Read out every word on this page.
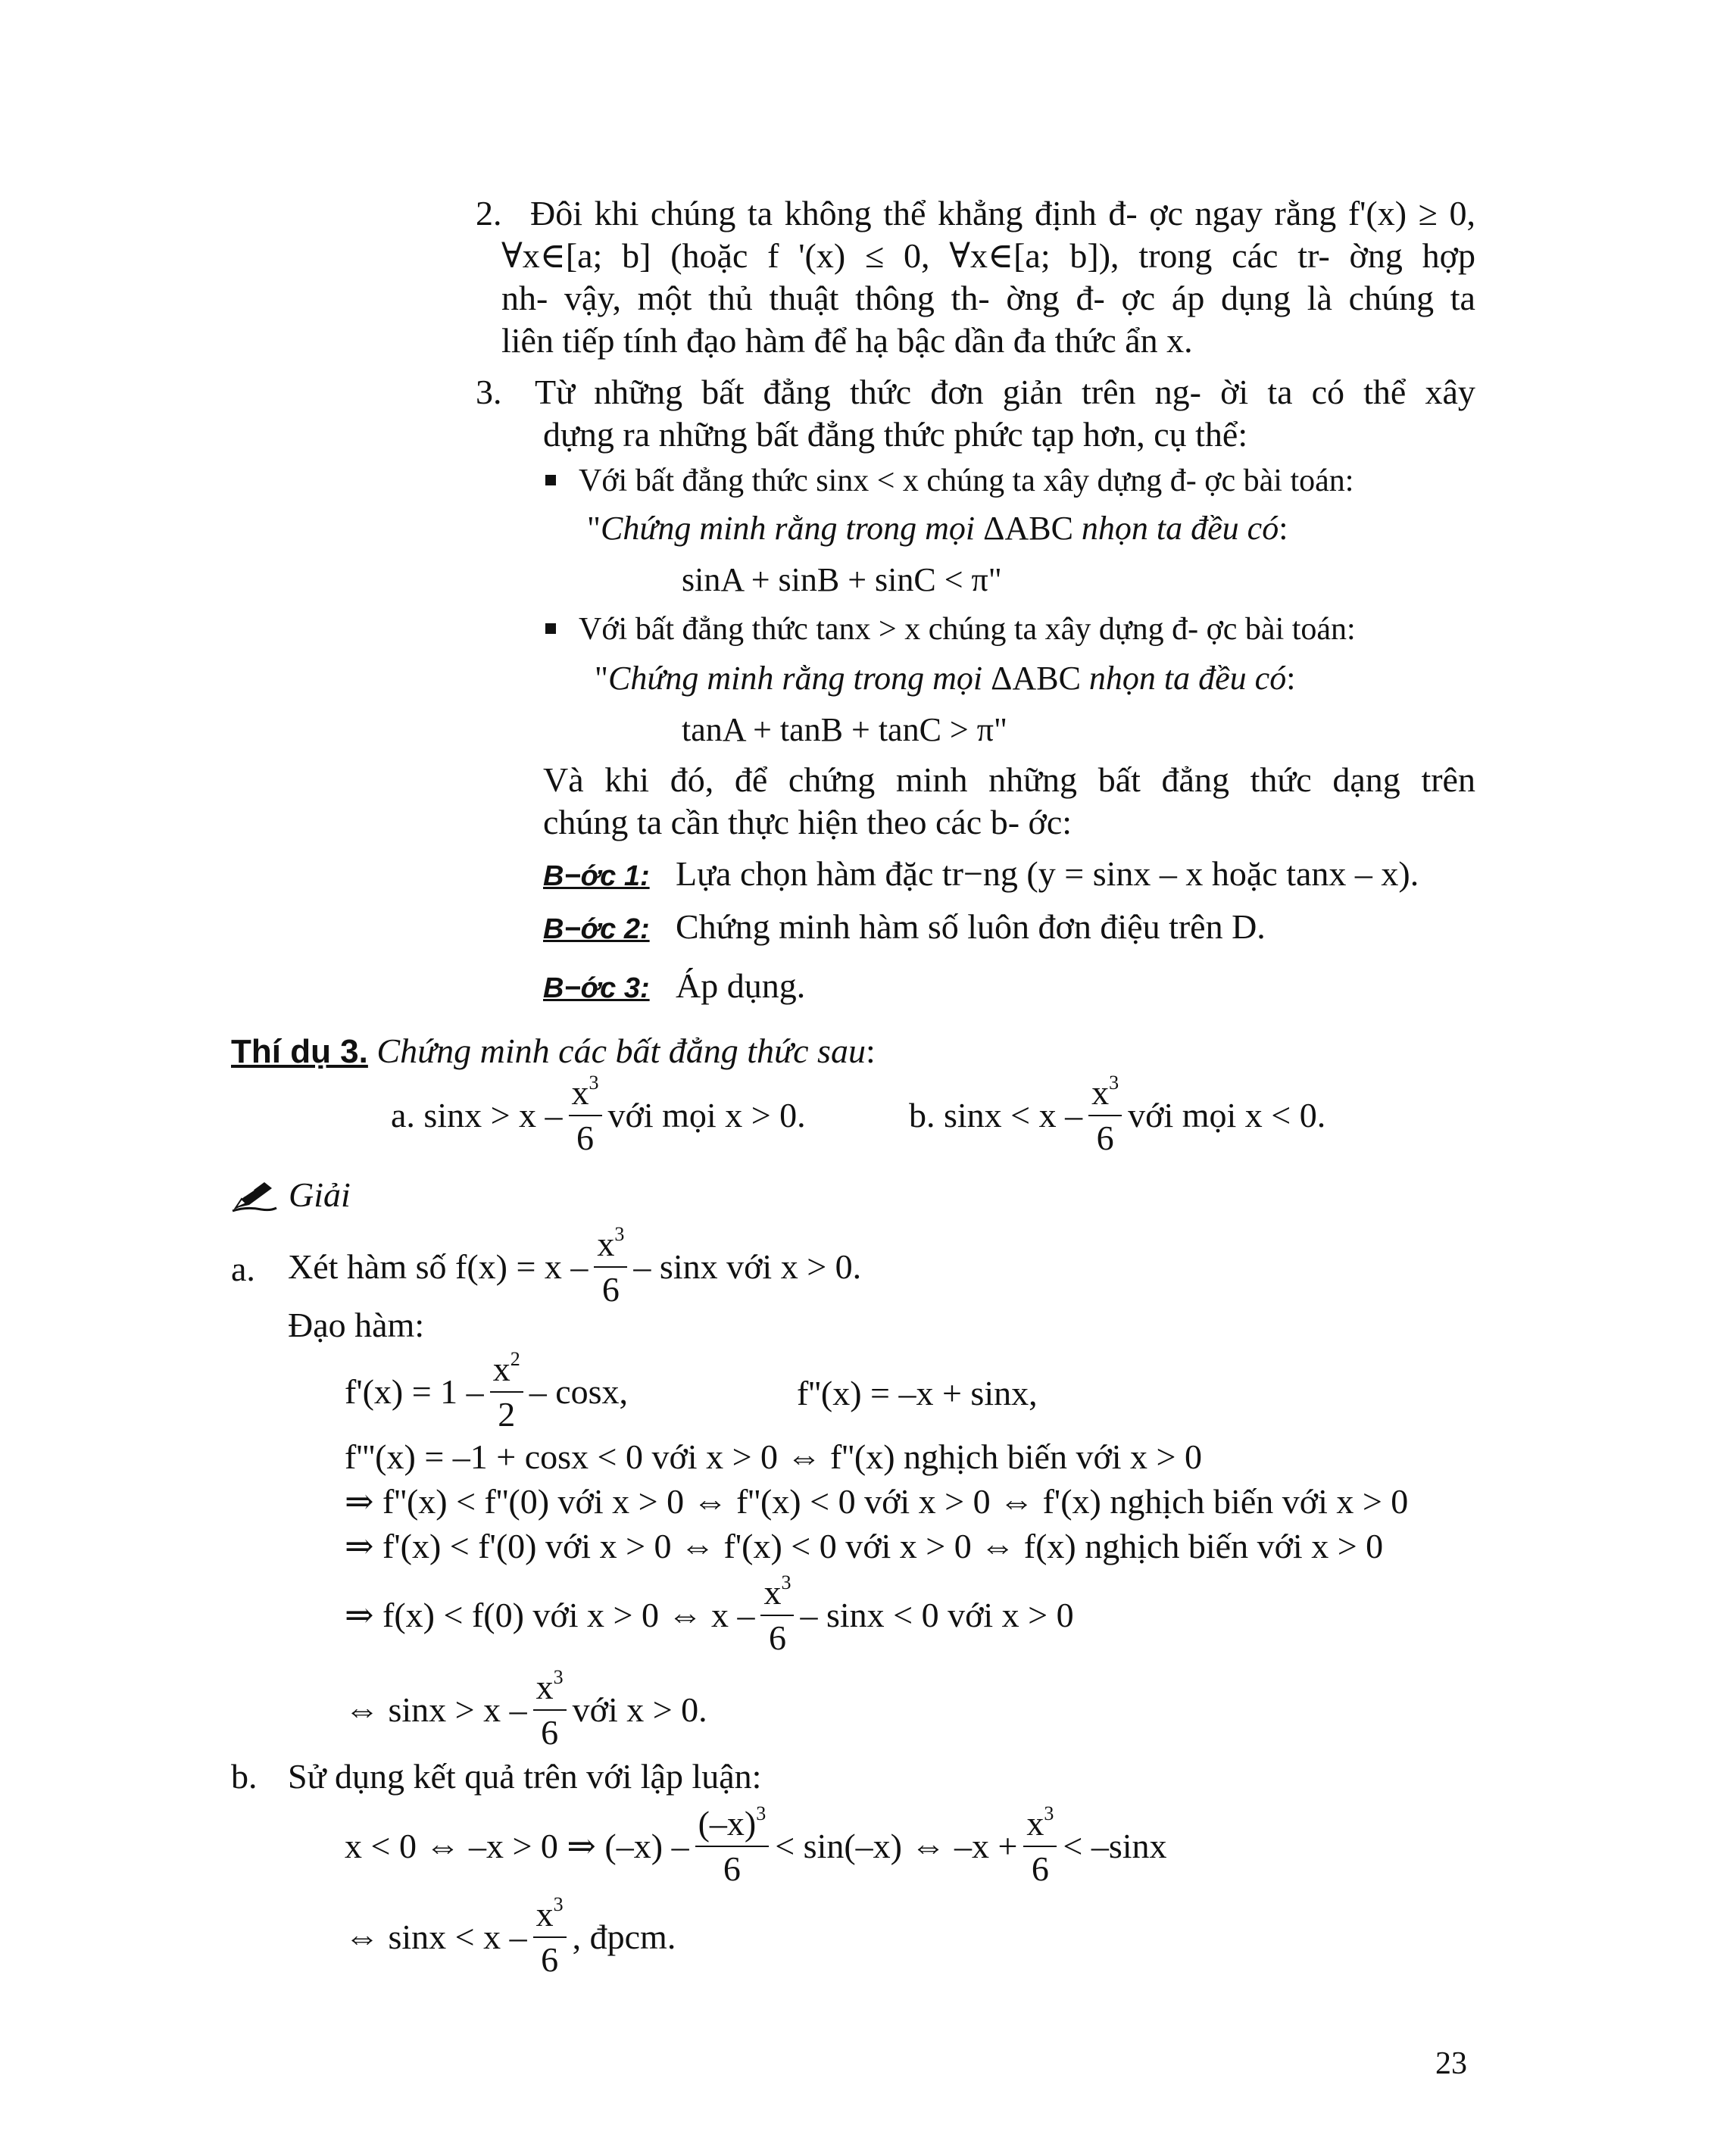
2. Đôi khi chúng ta không thể khẳng định đ- ợc ngay rằng f'(x) ≥ 0,
∀x∈[a; b] (hoặc f '(x) ≤ 0, ∀x∈[a; b]), trong các tr- ờng hợp
nh- vậy, một thủ thuật thông th- ờng đ- ợc áp dụng là chúng ta
liên tiếp tính đạo hàm để hạ bậc dần đa thức ẩn x.
3. Từ những bất đẳng thức đơn giản trên ng- ời ta có thể xây
dựng ra những bất đẳng thức phức tạp hơn, cụ thể:
Với bất đẳng thức sinx < x chúng ta xây dựng đ- ợc bài toán:
"Chứng minh rằng trong mọi ΔABC nhọn ta đều có:
sinA + sinB + sinC < π"
Với bất đẳng thức tanx > x chúng ta xây dựng đ- ợc bài toán:
"Chứng minh rằng trong mọi ΔABC nhọn ta đều có:
tanA + tanB + tanC > π"
Và khi đó, để chứng minh những bất đẳng thức dạng trên
chúng ta cần thực hiện theo các b- ớc:
B−ớc 1: Lựa chọn hàm đặc tr−ng (y = sinx – x hoặc tanx – x).
B−ớc 2: Chứng minh hàm số luôn đơn điệu trên D.
B−ớc 3: Áp dụng.
Thí dụ 3. Chứng minh các bất đẳng thức sau:
a. $\sin x > x - \frac{x^3}{6}$ với mọi x > 0.	b. $\sin x < x - \frac{x^3}{6}$ với mọi x < 0.
Giải
a. Xét hàm số $f(x) = x - \frac{x^3}{6} - \sin x$ với x > 0.
Đạo hàm:
$f'(x) = 1 - \frac{x^2}{2} - \cos x$,	f''(x) = –x + sinx,
f'''(x) = –1 + cosx < 0 với x > 0 ⇔ f''(x) nghịch biến với x > 0
⇒ f''(x) < f''(0) với x > 0 ⇔ f''(x) < 0 với x > 0 ⇔ f'(x) nghịch biến với x > 0
⇒ f'(x) < f'(0) với x > 0 ⇔ f'(x) < 0 với x > 0 ⇔ f(x) nghịch biến với x > 0
⇒ f(x) < f(0) với x > 0 ⇔ $x - \frac{x^3}{6} - \sin x < 0$ với x > 0
⇔ $\sin x > x - \frac{x^3}{6}$ với x > 0.
b. Sử dụng kết quả trên với lập luận:
x < 0 ⇔ –x > 0 ⇒ $(-x) - \frac{(-x)^3}{6} < \sin(-x)$ ⇔ $-x + \frac{x^3}{6} < -\sin x$
⇔ $\sin x < x - \frac{x^3}{6}$ , đpcm.
23
